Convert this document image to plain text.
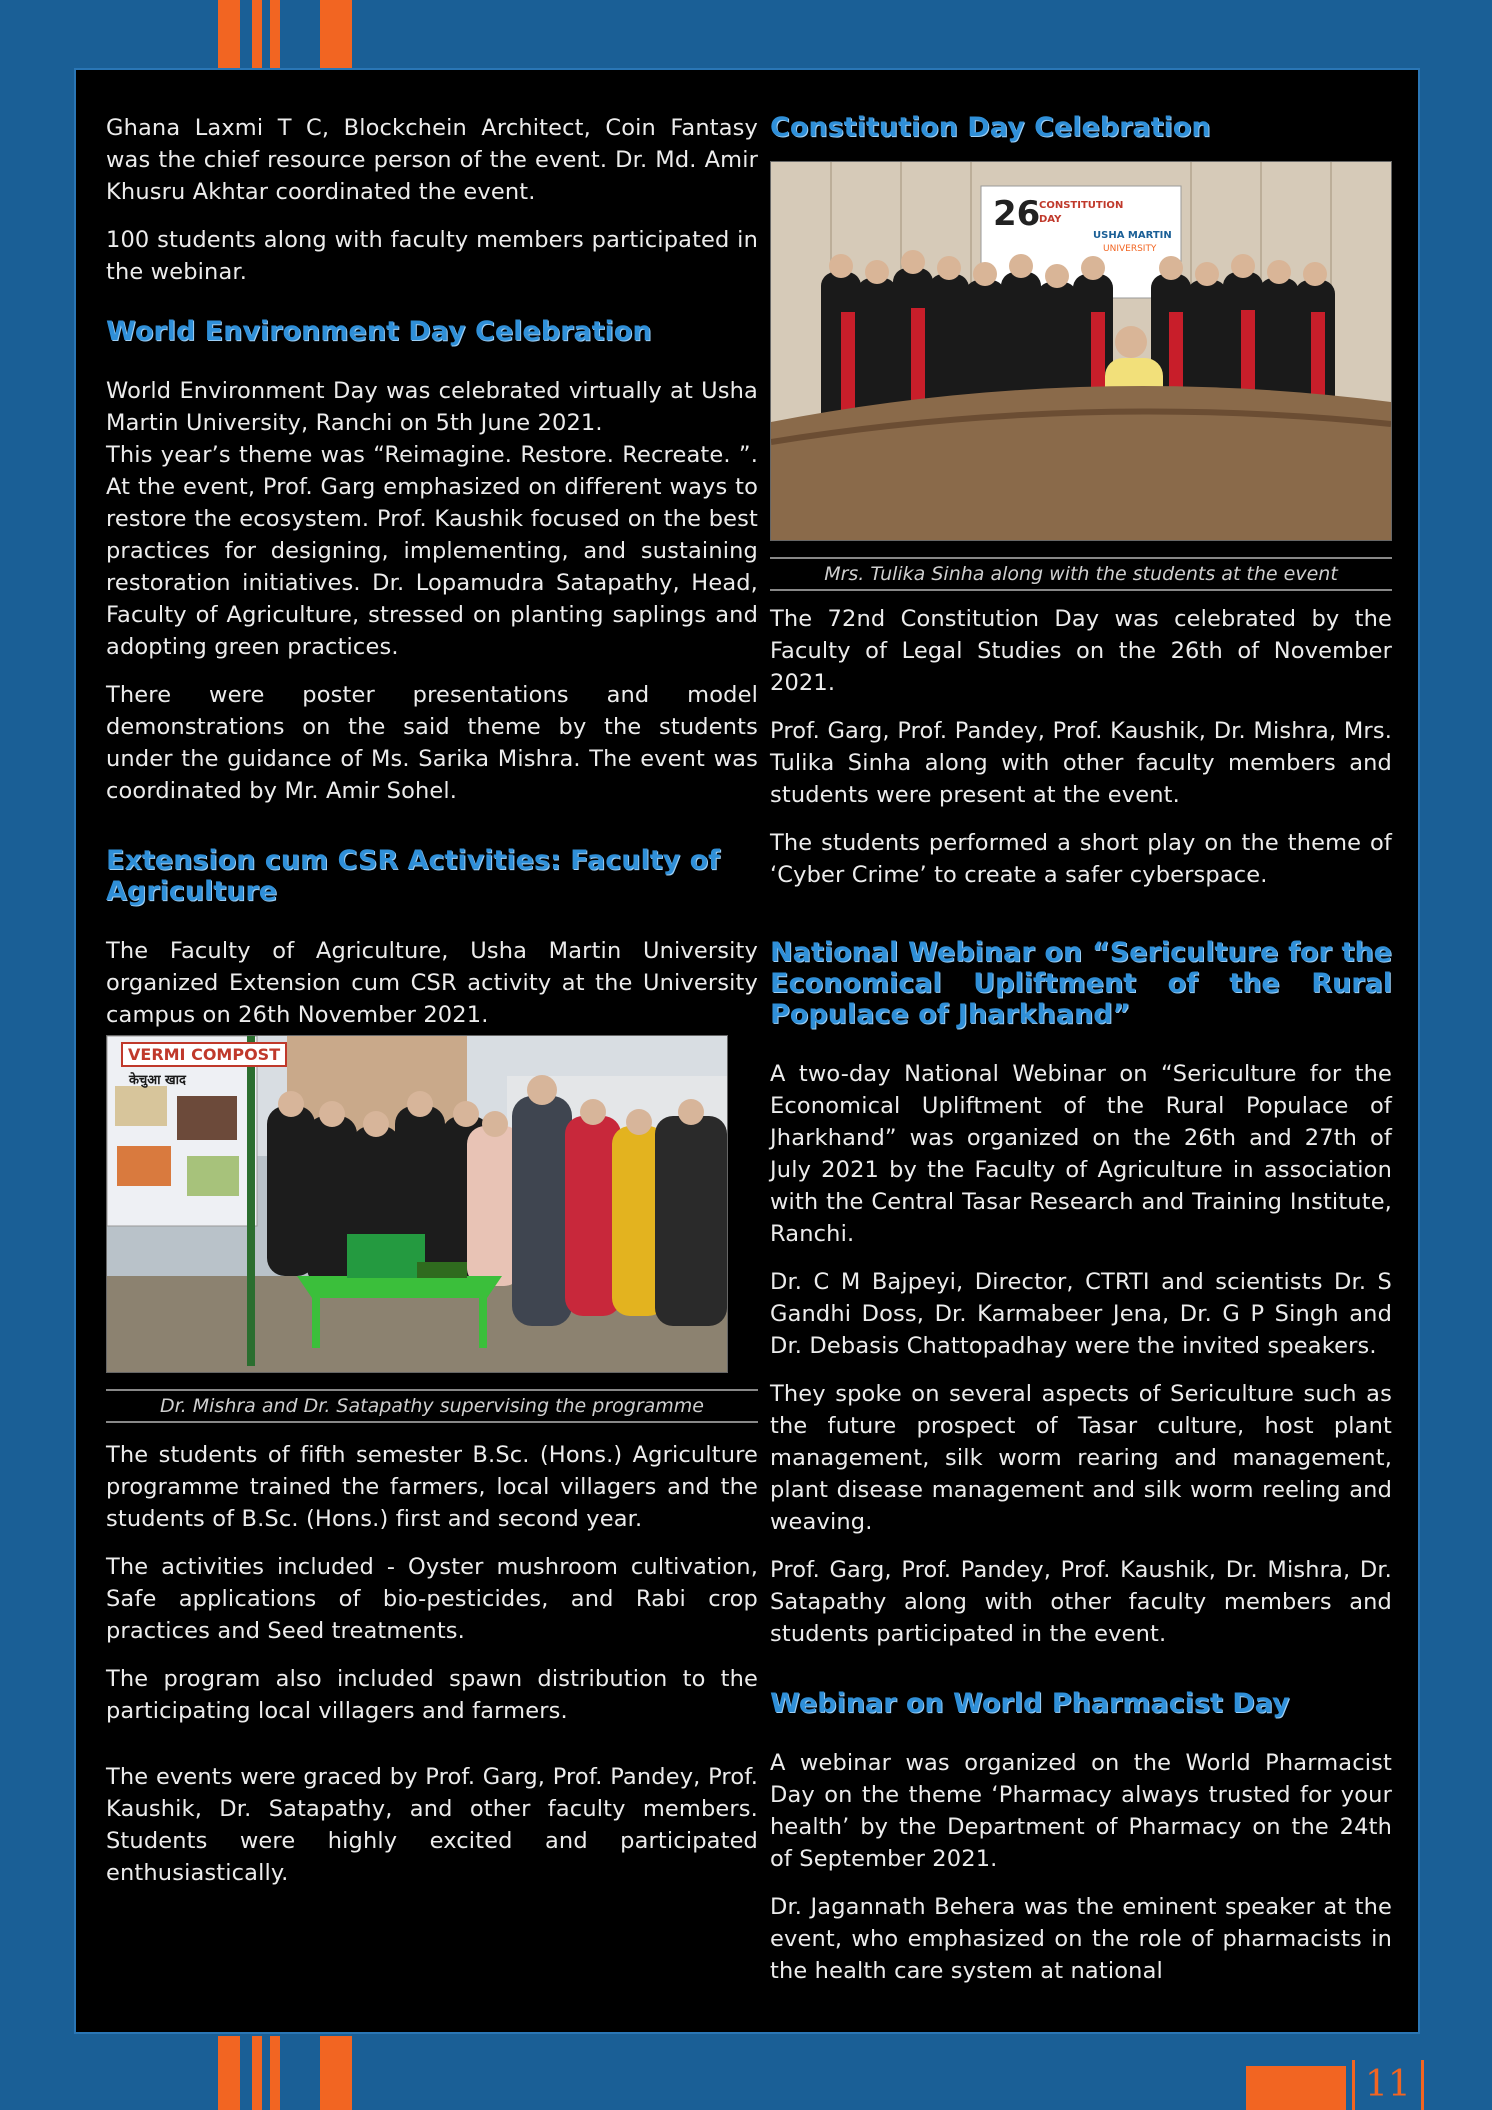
Ghana Laxmi T C, Blockchein Architect, Coin Fantasy was the chief resource person of the event. Dr. Md. Amir Khusru Akhtar coordinated the event.

100 students along with faculty members participated in the webinar.

World Environment Day Celebration

World Environment Day was celebrated virtually at Usha Martin University, Ranchi on 5th June 2021.

This year’s theme was “Reimagine. Restore. Recreate. ”. At the event, Prof. Garg emphasized on different ways to restore the ecosystem. Prof. Kaushik focused on the best practices for designing, implementing, and sustaining restoration initiatives. Dr. Lopamudra Satapathy, Head, Faculty of Agriculture, stressed on planting saplings and adopting green practices.

There were poster presentations and model demonstrations on the said theme by the students under the guidance of Ms. Sarika Mishra. The event was coordinated by Mr. Amir Sohel.

Extension cum CSR Activities: Faculty of Agriculture

The Faculty of Agriculture, Usha Martin University organized Extension cum CSR activity at the University campus on 26th November 2021.

VERMI COMPOST
केचुआ खाद
Dr. Mishra and Dr. Satapathy supervising the programme

The students of fifth semester B.Sc. (Hons.) Agriculture programme trained the farmers, local villagers and the students of B.Sc. (Hons.) first and second year.

The activities included - Oyster mushroom cultivation, Safe applications of bio-pesticides, and Rabi crop practices and Seed treatments.

The program also included spawn distribution to the participating local villagers and farmers.

The events were graced by Prof. Garg, Prof. Pandey, Prof. Kaushik, Dr. Satapathy, and other faculty members. Students were highly excited and participated enthusiastically.

Constitution Day Celebration
26
CONSTITUTION
DAY
USHA MARTIN
UNIVERSITY
Mrs. Tulika Sinha along with the students at the event

The 72nd Constitution Day was celebrated by the Faculty of Legal Studies on the 26th of November 2021.

Prof. Garg, Prof. Pandey, Prof. Kaushik, Dr. Mishra, Mrs. Tulika Sinha along with other faculty members and students were present at the event.

The students performed a short play on the theme of ‘Cyber Crime’ to create a safer cyberspace.

National Webinar on “Sericulture for the Economical Upliftment of the Rural Populace of Jharkhand”

A two-day National Webinar on “Sericulture for the Economical Upliftment of the Rural Populace of Jharkhand” was organized on the 26th and 27th of July 2021 by the Faculty of Agriculture in association with the Central Tasar Research and Training Institute, Ranchi.

Dr. C M Bajpeyi, Director, CTRTI and scientists Dr. S Gandhi Doss, Dr. Karmabeer Jena, Dr. G P Singh and Dr. Debasis Chattopadhay were the invited speakers.

They spoke on several aspects of Sericulture such as the future prospect of Tasar culture, host plant management, silk worm rearing and management, plant disease management and silk worm reeling and weaving.

Prof. Garg, Prof. Pandey, Prof. Kaushik, Dr. Mishra, Dr. Satapathy along with other faculty members and students participated in the event.

Webinar on World Pharmacist Day

A webinar was organized on the World Pharmacist Day on the theme ‘Pharmacy always trusted for your health’ by the Department of Pharmacy on the 24th of September 2021.

Dr. Jagannath Behera was the eminent speaker at the event, who emphasized on the role of pharmacists in the health care system at national

11
